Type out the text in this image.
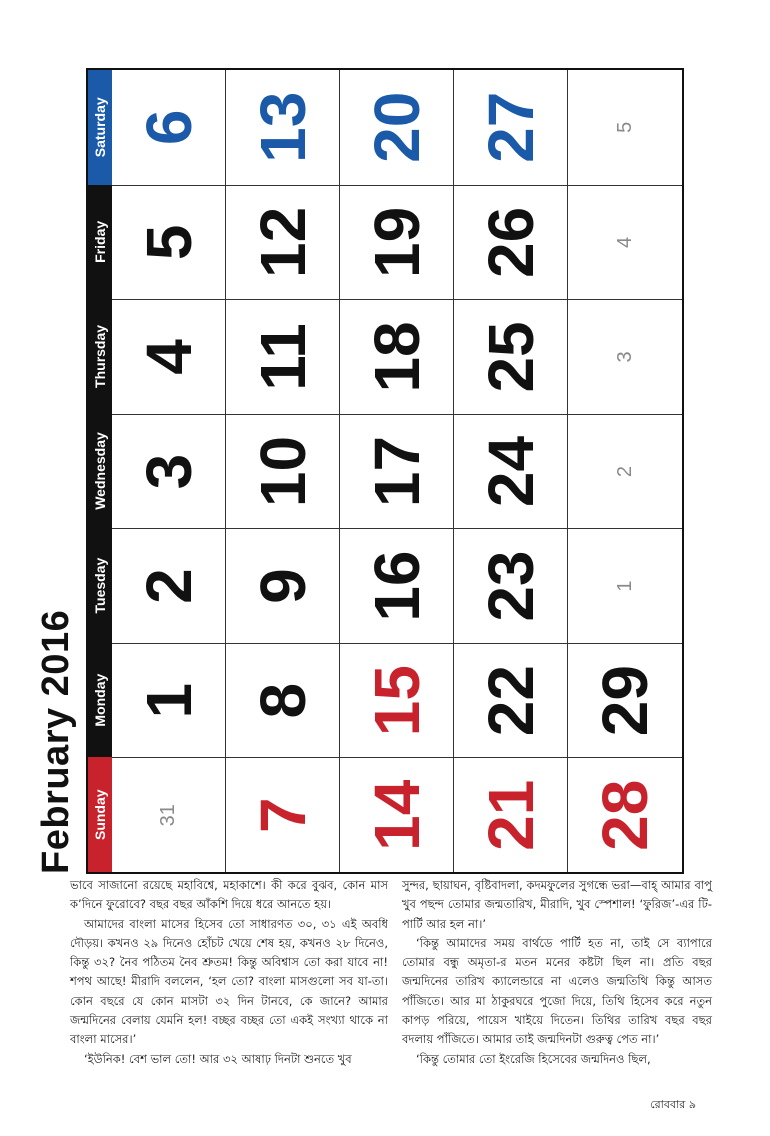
February 2016 Sunday
Monday
Tuesday
Wednesday
Thursday
Friday
Saturday
31
1
2
3
4
5
6
7
8
9
10
11
12
13
14
15
16
17
18
19
20
21
22
23
24
25
26
27
28
29
1
2
3
4
5

ভাবে সাজানো রয়েছে মহাবিশ্বে, মহাকাশে। কী করে বুঝব, কোন মাস ক’দিনে ফুরোবে? বছর বছর আঁকশি দিয়ে ধরে আনতে হয়।

আমাদের বাংলা মাসের হিসেব তো সাধারণত ৩০, ৩১ এই অবধি দৌড়য়। কখনও ২৯ দিনেও হোঁচট খেয়ে শেষ হয়, কখনও ২৮ দিনেও, কিন্তু ৩২? নৈব পঠিতম নৈব শ্রুতম! কিন্তু অবিশ্বাস তো করা যাবে না! শপথ আছে! মীরাদি বললেন, ‘হল তো? বাংলা মাসগুলো সব যা-তা। কোন বছরে যে কোন মাসটা ৩২ দিন টানবে, কে জানে? আমার জন্মদিনের বেলায় যেমনি হল! বচ্ছর বচ্ছর তো একই সংখ্যা থাকে না বাংলা মাসের।’

‘ইউনিক! বেশ ভাল তো! আর ৩২ আষাঢ় দিনটা শুনতে খুব

সুন্দর, ছায়াঘন, বৃষ্টিবাদলা, কদমফুলের সুগন্ধে ভরা—বাহ্ আমার বাপু খুব পছন্দ তোমার জন্মতারিখ, মীরাদি, খুব স্পেশাল! ‘ফুরিজ’-এর টি-পার্টি আর হল না।’

‘কিন্তু আমাদের সময় বার্থডে পার্টি হত না, তাই সে ব্যাপারে তোমার বন্ধু অমৃতা-র মতন মনের কষ্টটা ছিল না। প্রতি বছর জন্মদিনের তারিখ ক্যালেন্ডারে না এলেও জন্মতিথি কিন্তু আসত পাঁজিতে। আর মা ঠাকুরঘরে পুজো দিয়ে, তিথি হিসেব করে নতুন কাপড় পরিয়ে, পায়েস খাইয়ে দিতেন। তিথির তারিখ বছর বছর বদলায় পাঁজিতে। আমার তাই জন্মদিনটা গুরুত্ব পেত না।’

‘কিন্তু তোমার তো ইংরেজি হিসেবের জন্মদিনও ছিল,

রোববার ৯
